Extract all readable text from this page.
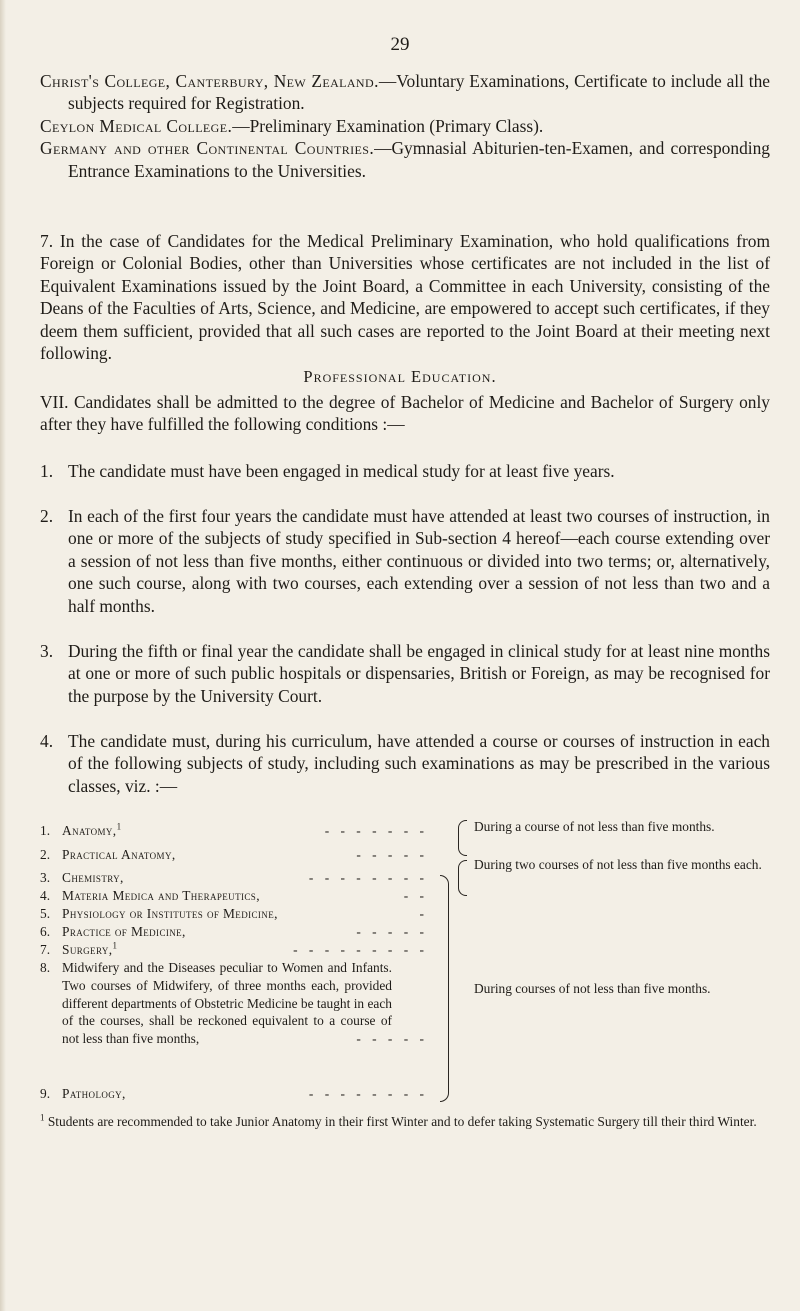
29

Christ's College, Canterbury, New Zealand.—Voluntary Examinations, Certificate to include all the subjects required for Registration.

Ceylon Medical College.—Preliminary Examination (Primary Class).

Germany and other Continental Countries.—Gymnasial Abiturien-ten-Examen, and corresponding Entrance Examinations to the Universities.

7. In the case of Candidates for the Medical Preliminary Examination, who hold qualifications from Foreign or Colonial Bodies, other than Universities whose certificates are not included in the list of Equivalent Examinations issued by the Joint Board, a Committee in each University, consisting of the Deans of the Faculties of Arts, Science, and Medicine, are empowered to accept such certificates, if they deem them sufficient, provided that all such cases are reported to the Joint Board at their meeting next following.

Professional Education.

VII. Candidates shall be admitted to the degree of Bachelor of Medicine and Bachelor of Surgery only after they have fulfilled the following conditions :—

1. The candidate must have been engaged in medical study for at least five years.
2. In each of the first four years the candidate must have attended at least two courses of instruction, in one or more of the subjects of study specified in Sub-section 4 hereof—each course extending over a session of not less than five months, either continuous or divided into two terms; or, alternatively, one such course, along with two courses, each extending over a session of not less than two and a half months.
3. During the fifth or final year the candidate shall be engaged in clinical study for at least nine months at one or more of such public hospitals or dispensaries, British or Foreign, as may be recognised for the purpose by the University Court.
4. The candidate must, during his curriculum, have attended a course or courses of instruction in each of the following subjects of study, including such examinations as may be prescribed in the various classes, viz. :—
1. Anatomy,$^1$	- - - - - - -
2. Practical Anatomy,	- - - - -
3. Chemistry,	- - - - - - - -
4. Materia Medica and Therapeutics,	- -
5. Physiology or Institutes of Medicine,	-
6. Practice of Medicine,	- - - - -
7. Surgery,$^1$	- - - - - - - - -
8. Midwifery and the Diseases peculiar to Women and Infants. Two courses of Midwifery, of three months each, provided different departments of Obstetric Medicine be taught in each of the courses, shall be reckoned equivalent to a course of not less than five months,	- - - - -
9. Pathology,	- - - - - - - -
During a course of not less than five months.
During two courses of not less than five months each.
During courses of not less than five months.
$^1$ Students are recommended to take Junior Anatomy in their first Winter and to defer taking Systematic Surgery till their third Winter.
